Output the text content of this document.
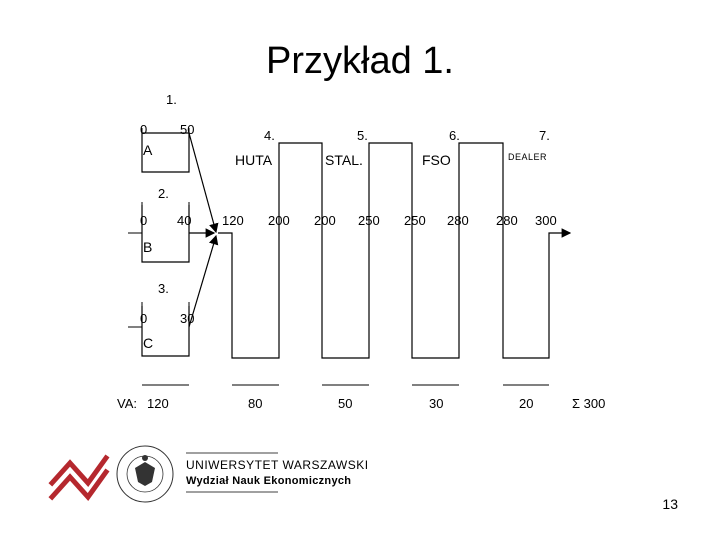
Przykład 1.
1.
2.
3.
0	50
A
0 40
B
0	30
C
4.
HUTA
120 200
80
5.
STAL.
200 250
50
6.
FSO
250 280
30
7.
DEALER
280 300
20
VA: 120	Σ 300
UNIWERSYTET WARSZAWSKI
Wydział Nauk Ekonomicznych
13
